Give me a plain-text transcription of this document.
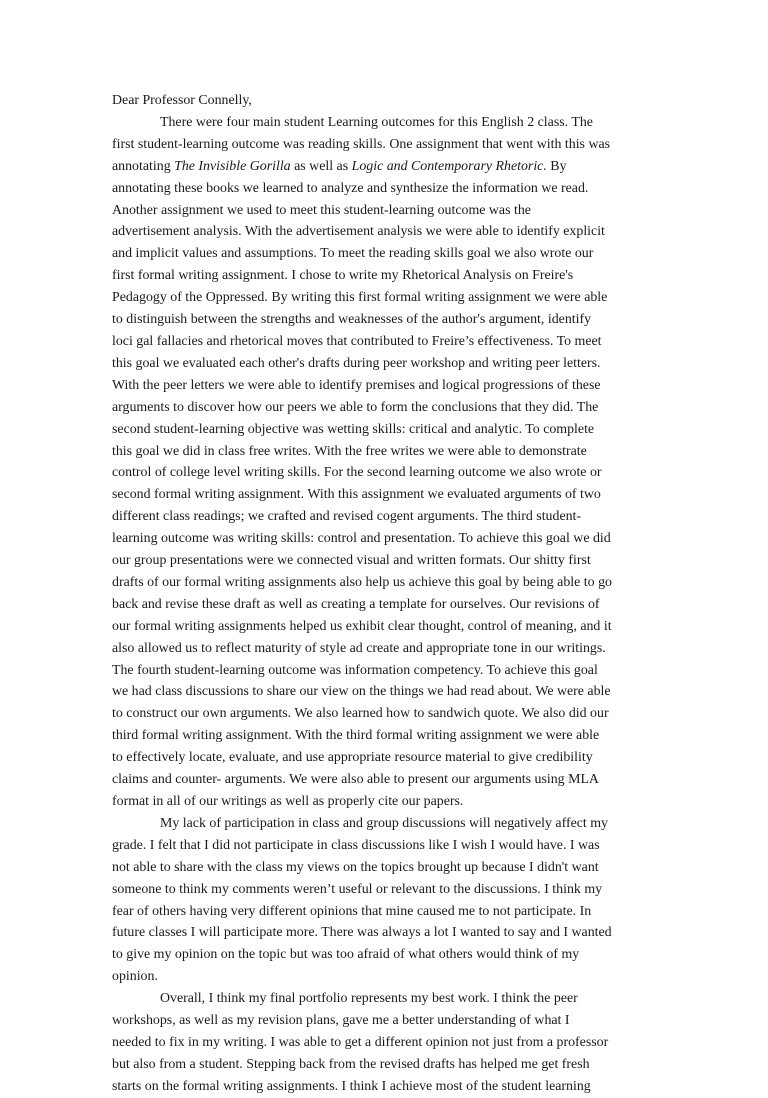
Dear Professor Connelly,

There were four main student Learning outcomes for this English 2 class. The
first student-learning outcome was reading skills. One assignment that went with this was
annotating The Invisible Gorilla as well as Logic and Contemporary Rhetoric. By
annotating these books we learned to analyze and synthesize the information we read.
Another assignment we used to meet this student-learning outcome was the
advertisement analysis. With the advertisement analysis we were able to identify explicit
and implicit values and assumptions. To meet the reading skills goal we also wrote our
first formal writing assignment. I chose to write my Rhetorical Analysis on Freire's
Pedagogy of the Oppressed. By writing this first formal writing assignment we were able
to distinguish between the strengths and weaknesses of the author's argument, identify
loci gal fallacies and rhetorical moves that contributed to Freire’s effectiveness. To meet
this goal we evaluated each other's drafts during peer workshop and writing peer letters.
With the peer letters we were able to identify premises and logical progressions of these
arguments to discover how our peers we able to form the conclusions that they did. The
second student-learning objective was wetting skills: critical and analytic. To complete
this goal we did in class free writes. With the free writes we were able to demonstrate
control of college level writing skills. For the second learning outcome we also wrote or
second formal writing assignment. With this assignment we evaluated arguments of two
different class readings; we crafted and revised cogent arguments. The third student-
learning outcome was writing skills: control and presentation. To achieve this goal we did
our group presentations were we connected visual and written formats. Our shitty first
drafts of our formal writing assignments also help us achieve this goal by being able to go
back and revise these draft as well as creating a template for ourselves. Our revisions of
our formal writing assignments helped us exhibit clear thought, control of meaning, and it
also allowed us to reflect maturity of style ad create and appropriate tone in our writings.
The fourth student-learning outcome was information competency. To achieve this goal
we had class discussions to share our view on the things we had read about. We were able
to construct our own arguments. We also learned how to sandwich quote. We also did our
third formal writing assignment. With the third formal writing assignment we were able
to effectively locate, evaluate, and use appropriate resource material to give credibility
claims and counter- arguments. We were also able to present our arguments using MLA
format in all of our writings as well as properly cite our papers.
My lack of participation in class and group discussions will negatively affect my
grade. I felt that I did not participate in class discussions like I wish I would have. I was
not able to share with the class my views on the topics brought up because I didn't want
someone to think my comments weren’t useful or relevant to the discussions. I think my
fear of others having very different opinions that mine caused me to not participate. In
future classes I will participate more. There was always a lot I wanted to say and I wanted
to give my opinion on the topic but was too afraid of what others would think of my
opinion.
Overall, I think my final portfolio represents my best work. I think the peer
workshops, as well as my revision plans, gave me a better understanding of what I
needed to fix in my writing. I was able to get a different opinion not just from a professor
but also from a student. Stepping back from the revised drafts has helped me get fresh
starts on the formal writing assignments. I think I achieve most of the student learning
